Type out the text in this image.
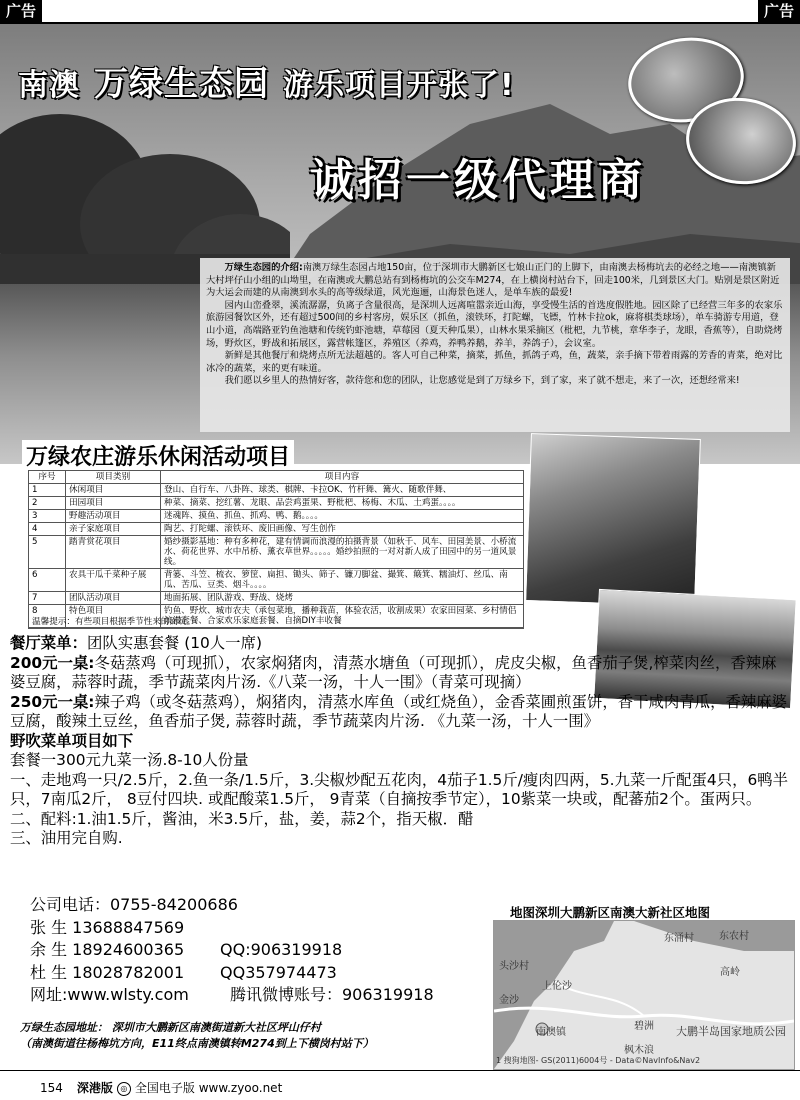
广告	广告
南澳 万绿生态园 游乐项目开张了!
诚招一级代理商

万绿生态园的介绍:南澳万绿生态园占地150亩，位于深圳市大鹏新区七娘山正门的上脚下，由南澳去杨梅坑去的必经之地——南澳镇新大村坪仔山小组的山坳里，在南澳或大鹏总站有到杨梅坑的公交车M274，在上横岗村站台下，回走100米，几到景区大门。贴别是景区附近为大运会而建的从南澳到水头的高等级绿道，风光迤逦，山海景色迷人，是单车族的最爱!

园内山峦叠翠，溪流潺潺，负离子含量很高，是深圳人远离喧嚣亲近山海，享受慢生活的首选度假胜地。园区除了已经营三年多的农家乐旅游园餐饮区外，还有超过500间的乡村客房，娱乐区（抓鱼，滚铁环，打陀螺，飞镖，竹林卡拉ok，麻将棋类球场），单车骑游专用道，登山小道，高端路亚钓鱼池塘和传统钓虾池塘，草莓园（夏天种瓜果），山林水果采摘区（枇杷，九节桃，章华李子，龙眼，香蕉等），自助烧烤场，野炊区，野战和拓展区，露营帐篷区，养殖区（养鸡，养鸭养鹅，养羊，养鸽子），会议室。

新鲜是其他餐厅和烧烤点所无法超越的。客人可自己种菜，摘菜，抓鱼，抓鸽子鸡，鱼，蔬菜，亲手摘下带着雨露的芳香的青菜，绝对比冰冷的蔬菜，来的更有味道。

我们愿以乡里人的热情好客，款待您和您的团队，让您感觉是到了万绿乡下，到了家，来了就不想走，来了一次，还想经常来!

万绿农庄游乐休闲活动项目
序号	项目类别	项目内容
1	休闲项目	登山、自行车、八卦阵、球类、棋牌、卡拉OK、竹杆舞、篝火、随歌伴舞、
2	田园项目	种菜、摘菜、挖红薯、龙眼、品尝鸡蛋果、野枇杷、杨梅、木瓜、土鸡蛋。。。。
3	野趣活动项目	迷魂阵、摸鱼、抓鱼、抓鸡、鸭、鹅。。。。
4	亲子家庭项目	陶艺、打陀螺、滚铁环、废旧画像、写生创作
5	踏青赏花项目	婚纱摄影基地：种有多种花，建有情调而浪漫的拍摄背景（如秋千、风车、田园美景、小桥流水、荷花世界、水中吊桥、薰衣草世界。。。。。婚纱拍照的一对对新人成了田园中的另一道风景线。
6	农具干瓜千菜种子展	背篓、斗笠、梳衣、箩筐、扁担、锄头、筛子、镰刀脚盆、撮箕、簸箕、糯油灯、丝瓜、南瓜、苦瓜、豆类、烟斗。。。。
7	团队活动项目	地面拓展、团队游戏、野战、烧烤
8	特色项目	钓鱼、野炊、城市农夫（承包菜地，播种栽苗，体验农活，收割成果）农家田园菜、乡村情侣浪漫套餐、合家欢乐家庭套餐、自摘DIY丰收餐
温馨提示：有些项目根据季节性来的而玩。
餐厅菜单：团队实惠套餐 (10人一席)
200元一桌:冬菇蒸鸡（可现抓），农家焖猪肉，清蒸水塘鱼（可现抓），虎皮尖椒，鱼香茄子煲,榨菜肉丝，香辣麻婆豆腐，蒜蓉时蔬，季节蔬菜肉片汤.《八菜一汤，十人一围》（青菜可现摘）
250元一桌:辣子鸡（或冬菇蒸鸡），焖猪肉，清蒸水库鱼（或红烧鱼），金香菜圃煎蛋饼，香干咸肉青瓜，香辣麻婆豆腐，酸辣土豆丝，鱼香茄子煲, 蒜蓉时蔬，季节蔬菜肉片汤. 《九菜一汤，十人一围》
野吹菜单项目如下
套餐一300元九菜一汤.8-10人份量
一、走地鸡一只/2.5斤，2.鱼一条/1.5斤，3.尖椒炒配五花肉，4茄子1.5斤/瘦肉四两，5.九菜一斤配蛋4只，6鸭半只，7南瓜2斤， 8豆付四块. 或配酸菜1.5斤， 9青菜（自摘按季节定），10紫菜一块或，配蕃茄2个。蛋两只。
二、配料:1.油1.5斤，酱油，米3.5斤，盐，姜，蒜2个，指天椒．醋
三、油用完自购.
公司电话：0755-84200686
张 生 13688847569
余 生 18924600365 QQ:906319918
杜 生 18028782001 QQ357974473
网址:www.wlsty.com	腾讯微博账号：906319918
万绿生态园地址： 深圳市大鹏新区南澳街道新大社区坪山仔村
（南澳街道往杨梅坑方向，E11终点南澳镇转M274到上下横岗村站下）
地图深圳大鹏新区南澳大新社区地图
东涌村	东农村
高岭
上伦沙
头沙村
金沙
南澳镇
枫木浪
碧洲 大鹏半岛国家地质公园
1 搜狗地图- GS(2011)6004号 - Data©NavInfo&Nav2
154 深港版 ◎ 全国电子版 www.zyoo.net
